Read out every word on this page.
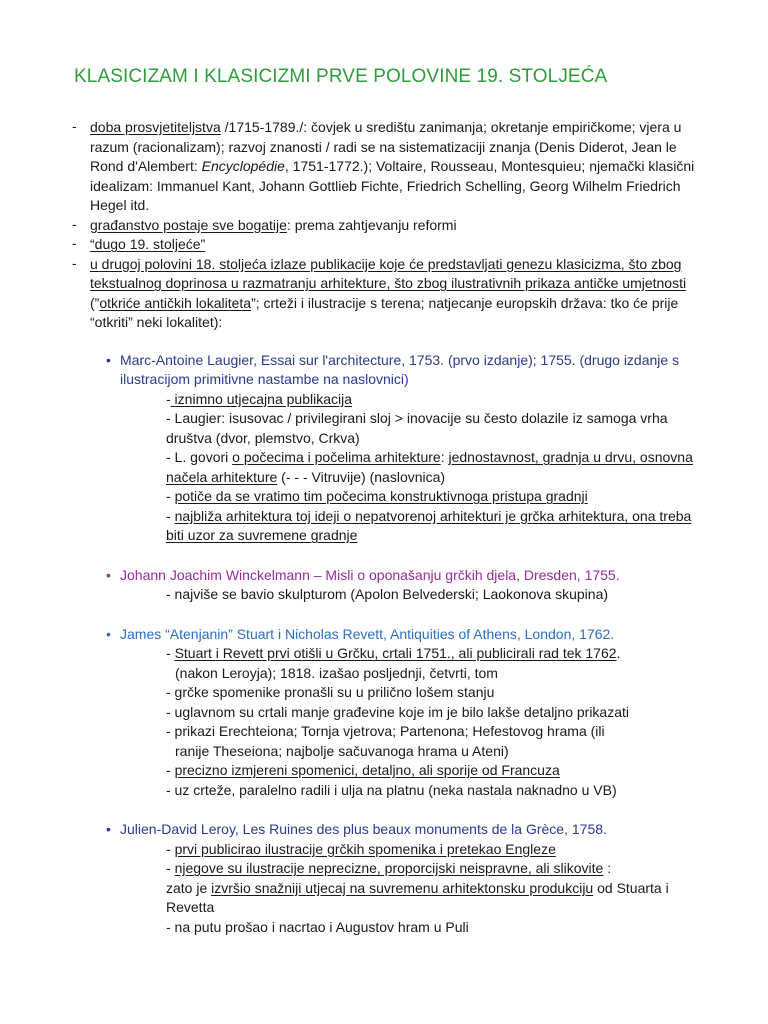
KLASICIZAM I KLASICIZMI PRVE POLOVINE 19. STOLJEĆA
- doba prosvjetiteljstva /1715-1789./: čovjek u središtu zanimanja; okretanje empiričkome; vjera u razum (racionalizam); razvoj znanosti / radi se na sistematizaciji znanja (Denis Diderot, Jean le Rond d'Alembert: Encyclopédie, 1751-1772.); Voltaire, Rousseau, Montesquieu; njemački klasični idealizam: Immanuel Kant, Johann Gottlieb Fichte, Friedrich Schelling, Georg Wilhelm Friedrich Hegel itd.
- građanstvo postaje sve bogatije: prema zahtjevanju reformi
- “dugo 19. stoljeće”
- u drugoj polovini 18. stoljeća izlaze publikacije koje će predstavljati genezu klasicizma, što zbog tekstualnog doprinosa u razmatranju arhitekture, što zbog ilustrativnih prikaza antičke umjetnosti (”otkriće antičkih lokaliteta”; crteži i ilustracije s terena; natjecanje europskih država: tko će prije “otkriti” neki lokalitet):
• Marc-Antoine Laugier, Essai sur l'architecture, 1753. (prvo izdanje); 1755. (drugo izdanje s ilustracijom primitivne nastambe na naslovnici)
- iznimno utjecajna publikacija
- Laugier: isusovac / privilegirani sloj > inovacije su često dolazile iz samoga vrha društva (dvor, plemstvo, Crkva)
- L. govori o počecima i počelima arhitekture: jednostavnost, gradnja u drvu, osnovna načela arhitekture (- - - Vitruvije) (naslovnica)
- potiče da se vratimo tim počecima konstruktivnoga pristupa gradnji
- najbliža arhitektura toj ideji o nepatvorenoj arhitekturi je grčka arhitektura, ona treba biti uzor za suvremene gradnje
• Johann Joachim Winckelmann – Misli o oponašanju grčkih djela, Dresden, 1755.
- najviše se bavio skulpturom (Apolon Belvederski; Laokonova skupina)
• James “Atenjanin” Stuart i Nicholas Revett, Antiquities of Athens, London, 1762.
- Stuart i Revett prvi otišli u Grčku, crtali 1751., ali publicirali rad tek 1762.
(nakon Leroyja); 1818. izašao posljednji, četvrti, tom
- grčke spomenike pronašli su u prilično lošem stanju
- uglavnom su crtali manje građevine koje im je bilo lakše detaljno prikazati
- prikazi Erechteiona; Tornja vjetrova; Partenona; Hefestovog hrama (ili
ranije Theseiona; najbolje sačuvanoga hrama u Ateni)
- precizno izmjereni spomenici, detaljno, ali sporije od Francuza
- uz crteže, paralelno radili i ulja na platnu (neka nastala naknadno u VB)
• Julien-David Leroy, Les Ruines des plus beaux monuments de la Grèce, 1758.
- prvi publicirao ilustracije grčkih spomenika i pretekao Engleze
- njegove su ilustracije neprecizne, proporcijski neispravne, ali slikovite :
zato je izvršio snažniji utjecaj na suvremenu arhitektonsku produkciju od Stuarta i Revetta
- na putu prošao i nacrtao i Augustov hram u Puli
